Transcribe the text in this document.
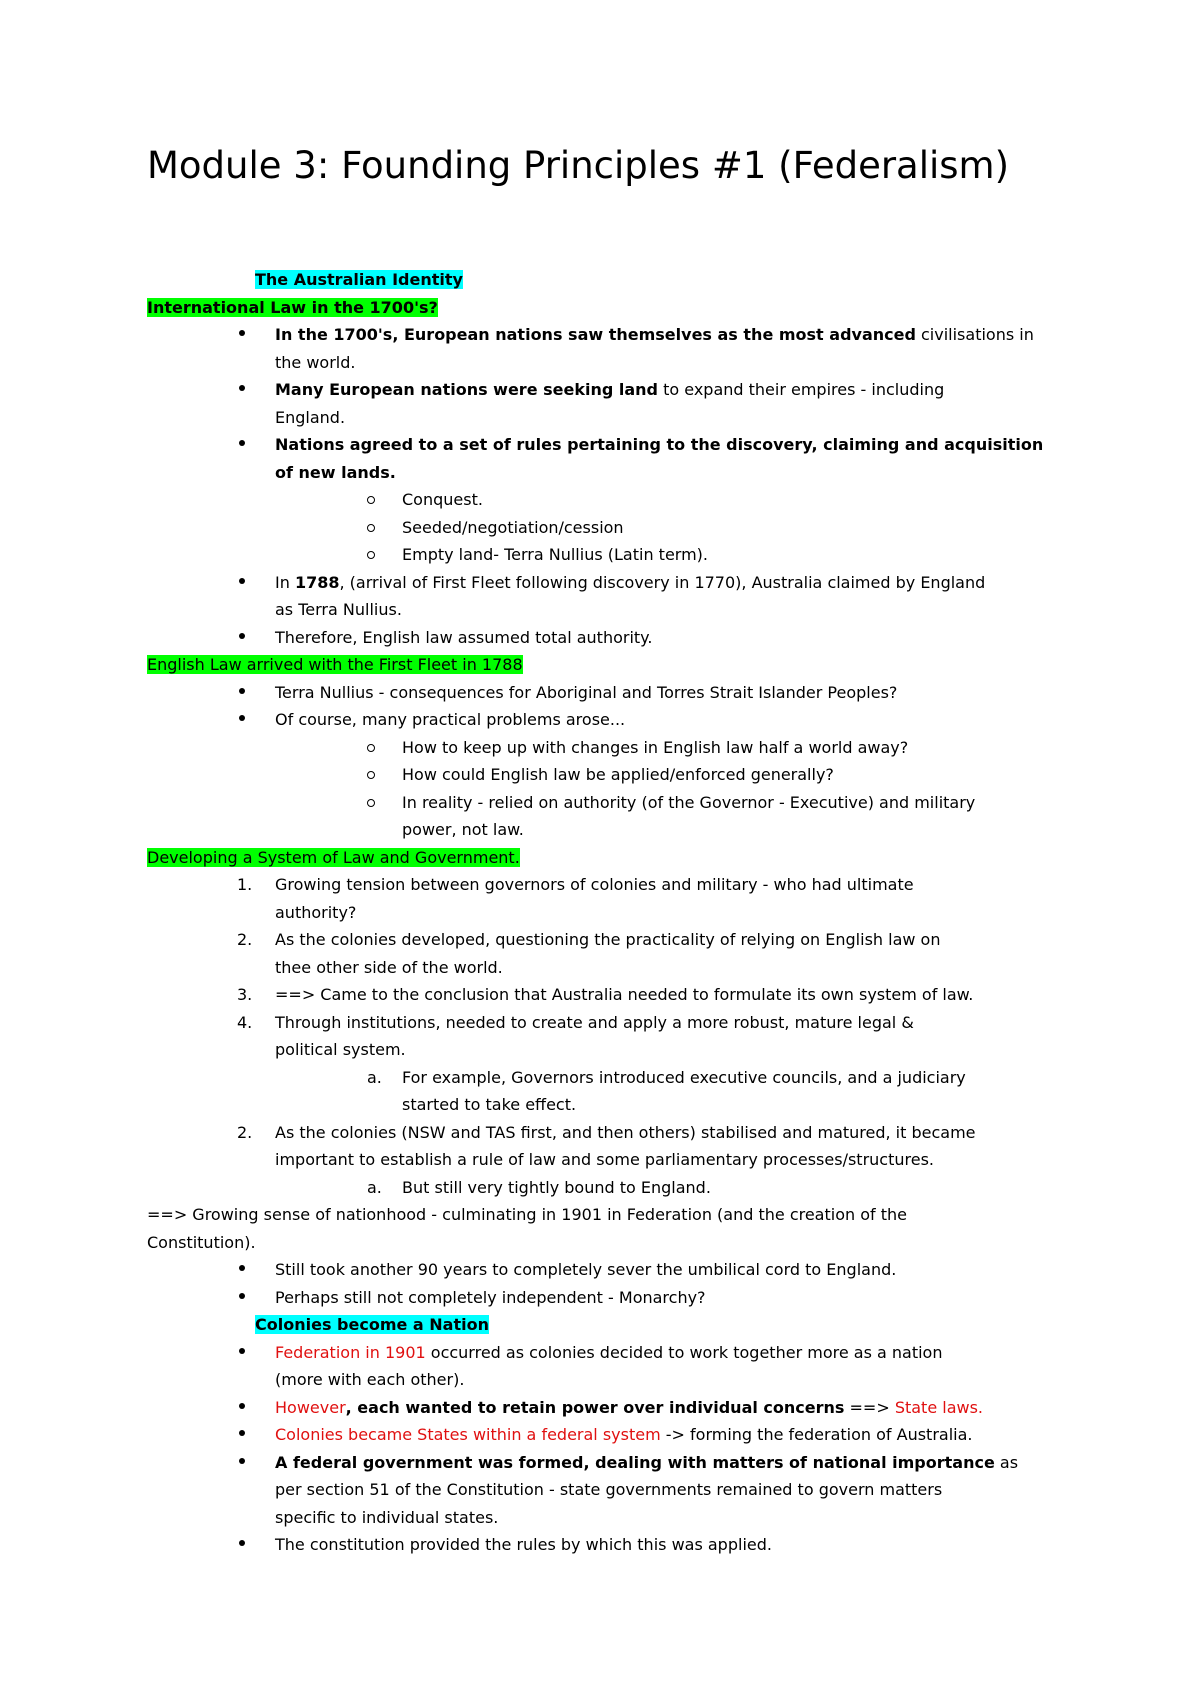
Module 3: Founding Principles #1 (Federalism)
The Australian Identity
International Law in the 1700's?
In the 1700's, European nations saw themselves as the most advanced civilisations in
the world.
Many European nations were seeking land to expand their empires - including
England.
Nations agreed to a set of rules pertaining to the discovery, claiming and acquisition
of new lands.
Conquest.
Seeded/negotiation/cession
Empty land- Terra Nullius (Latin term).
In 1788, (arrival of First Fleet following discovery in 1770), Australia claimed by England
as Terra Nullius.
Therefore, English law assumed total authority.
English Law arrived with the First Fleet in 1788
Terra Nullius - consequences for Aboriginal and Torres Strait Islander Peoples?
Of course, many practical problems arose...
How to keep up with changes in English law half a world away?
How could English law be applied/enforced generally?
In reality - relied on authority (of the Governor - Executive) and military
power, not law.
Developing a System of Law and Government.
1.	Growing tension between governors of colonies and military - who had ultimate
authority?
2.	As the colonies developed, questioning the practicality of relying on English law on
thee other side of the world.
3.	==> Came to the conclusion that Australia needed to formulate its own system of law.
4.	Through institutions, needed to create and apply a more robust, mature legal &
political system.
a.	For example, Governors introduced executive councils, and a judiciary
started to take effect.
2.	As the colonies (NSW and TAS first, and then others) stabilised and matured, it became
important to establish a rule of law and some parliamentary processes/structures.
a.	But still very tightly bound to England.
==> Growing sense of nationhood - culminating in 1901 in Federation (and the creation of the
Constitution).
Still took another 90 years to completely sever the umbilical cord to England.
Perhaps still not completely independent - Monarchy?
Colonies become a Nation
Federation in 1901 occurred as colonies decided to work together more as a nation
(more with each other).
However, each wanted to retain power over individual concerns ==> State laws.
Colonies became States within a federal system -> forming the federation of Australia.
A federal government was formed, dealing with matters of national importance as
per section 51 of the Constitution - state governments remained to govern matters
specific to individual states.
The constitution provided the rules by which this was applied.
